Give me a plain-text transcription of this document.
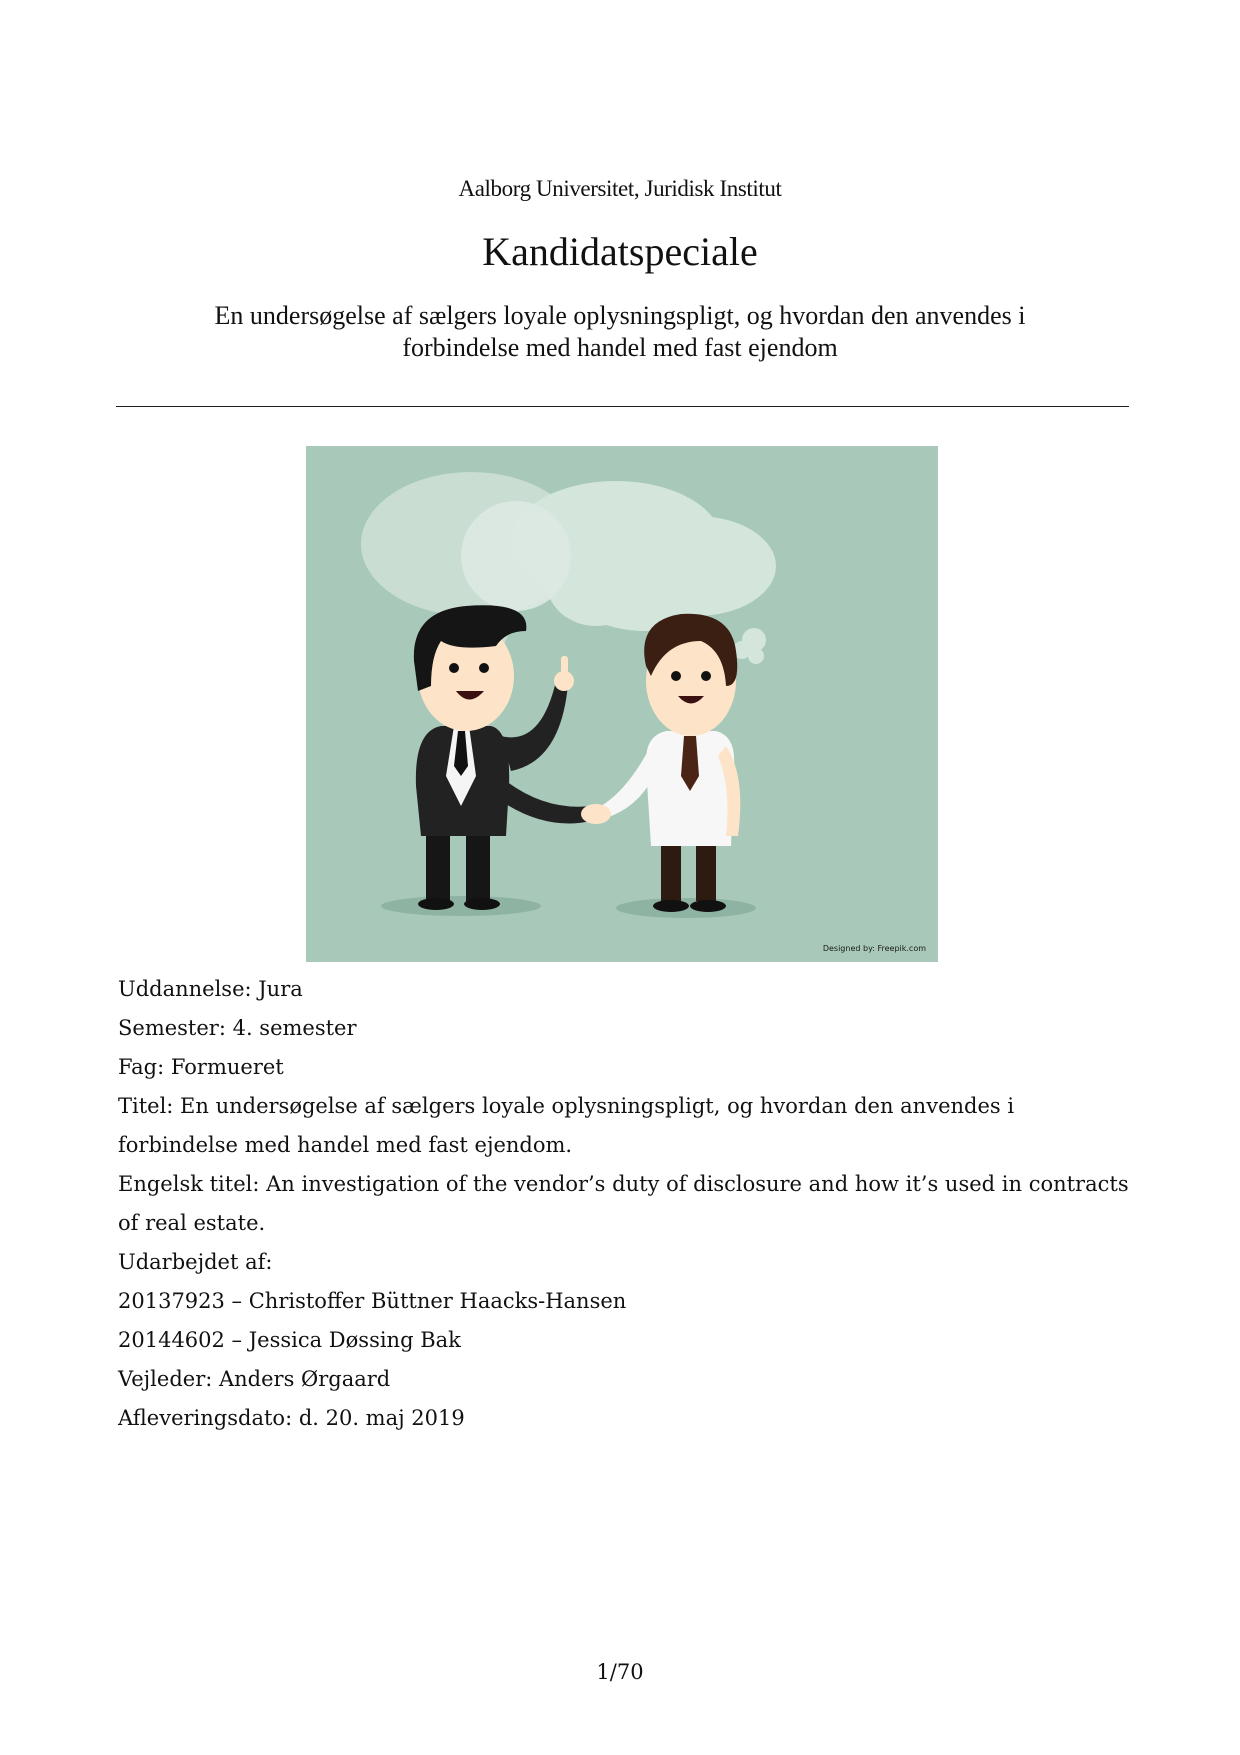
Aalborg Universitet, Juridisk Institut
Kandidatspeciale
En undersøgelse af sælgers loyale oplysningspligt, og hvordan den anvendes i
forbindelse med handel med fast ejendom
Designed by: Freepik.com
Uddannelse: Jura
Semester: 4. semester
Fag: Formueret
Titel: En undersøgelse af sælgers loyale oplysningspligt, og hvordan den anvendes i forbindelse med handel med fast ejendom.
Engelsk titel: An investigation of the vendor’s duty of disclosure and how it’s used in contracts of real estate.
Udarbejdet af:
20137923 – Christoffer Büttner Haacks-Hansen
20144602 – Jessica Døssing Bak
Vejleder: Anders Ørgaard
Afleveringsdato: d. 20. maj 2019
1/70
